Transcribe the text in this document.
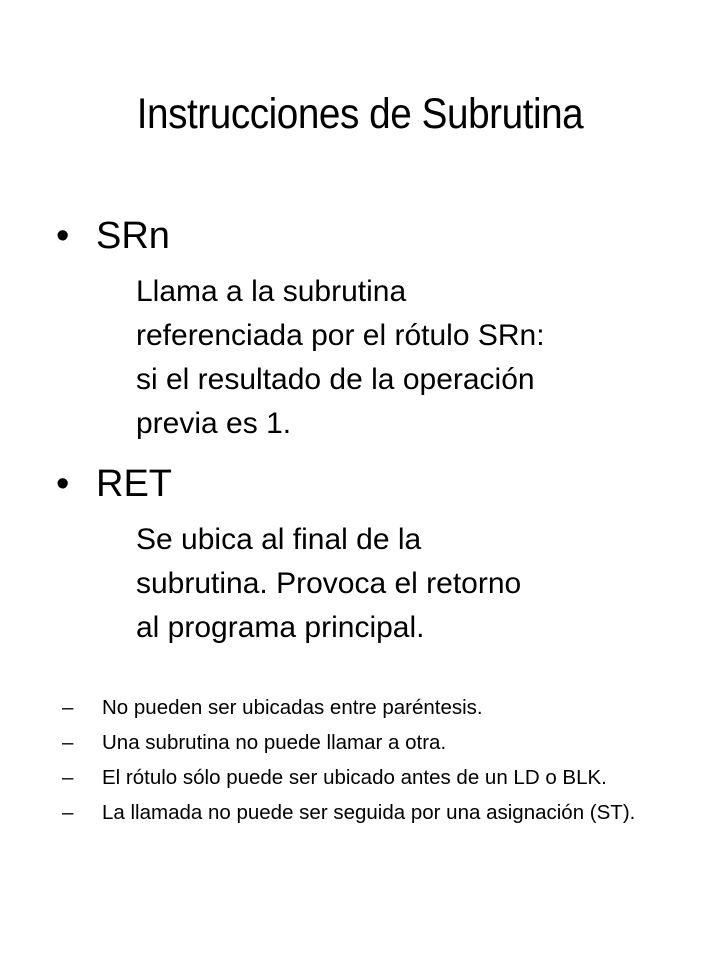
Instrucciones de Subrutina
• SRn
Llama a la subrutina
referenciada por el rótulo SRn:
si el resultado de la operación
previa es 1.
• RET
Se ubica al final de la
subrutina. Provoca el retorno
al programa principal.
– No pueden ser ubicadas entre paréntesis.
– Una subrutina no puede llamar a otra.
– El rótulo sólo puede ser ubicado antes de un LD o BLK.
– La llamada no puede ser seguida por una asignación (ST).
